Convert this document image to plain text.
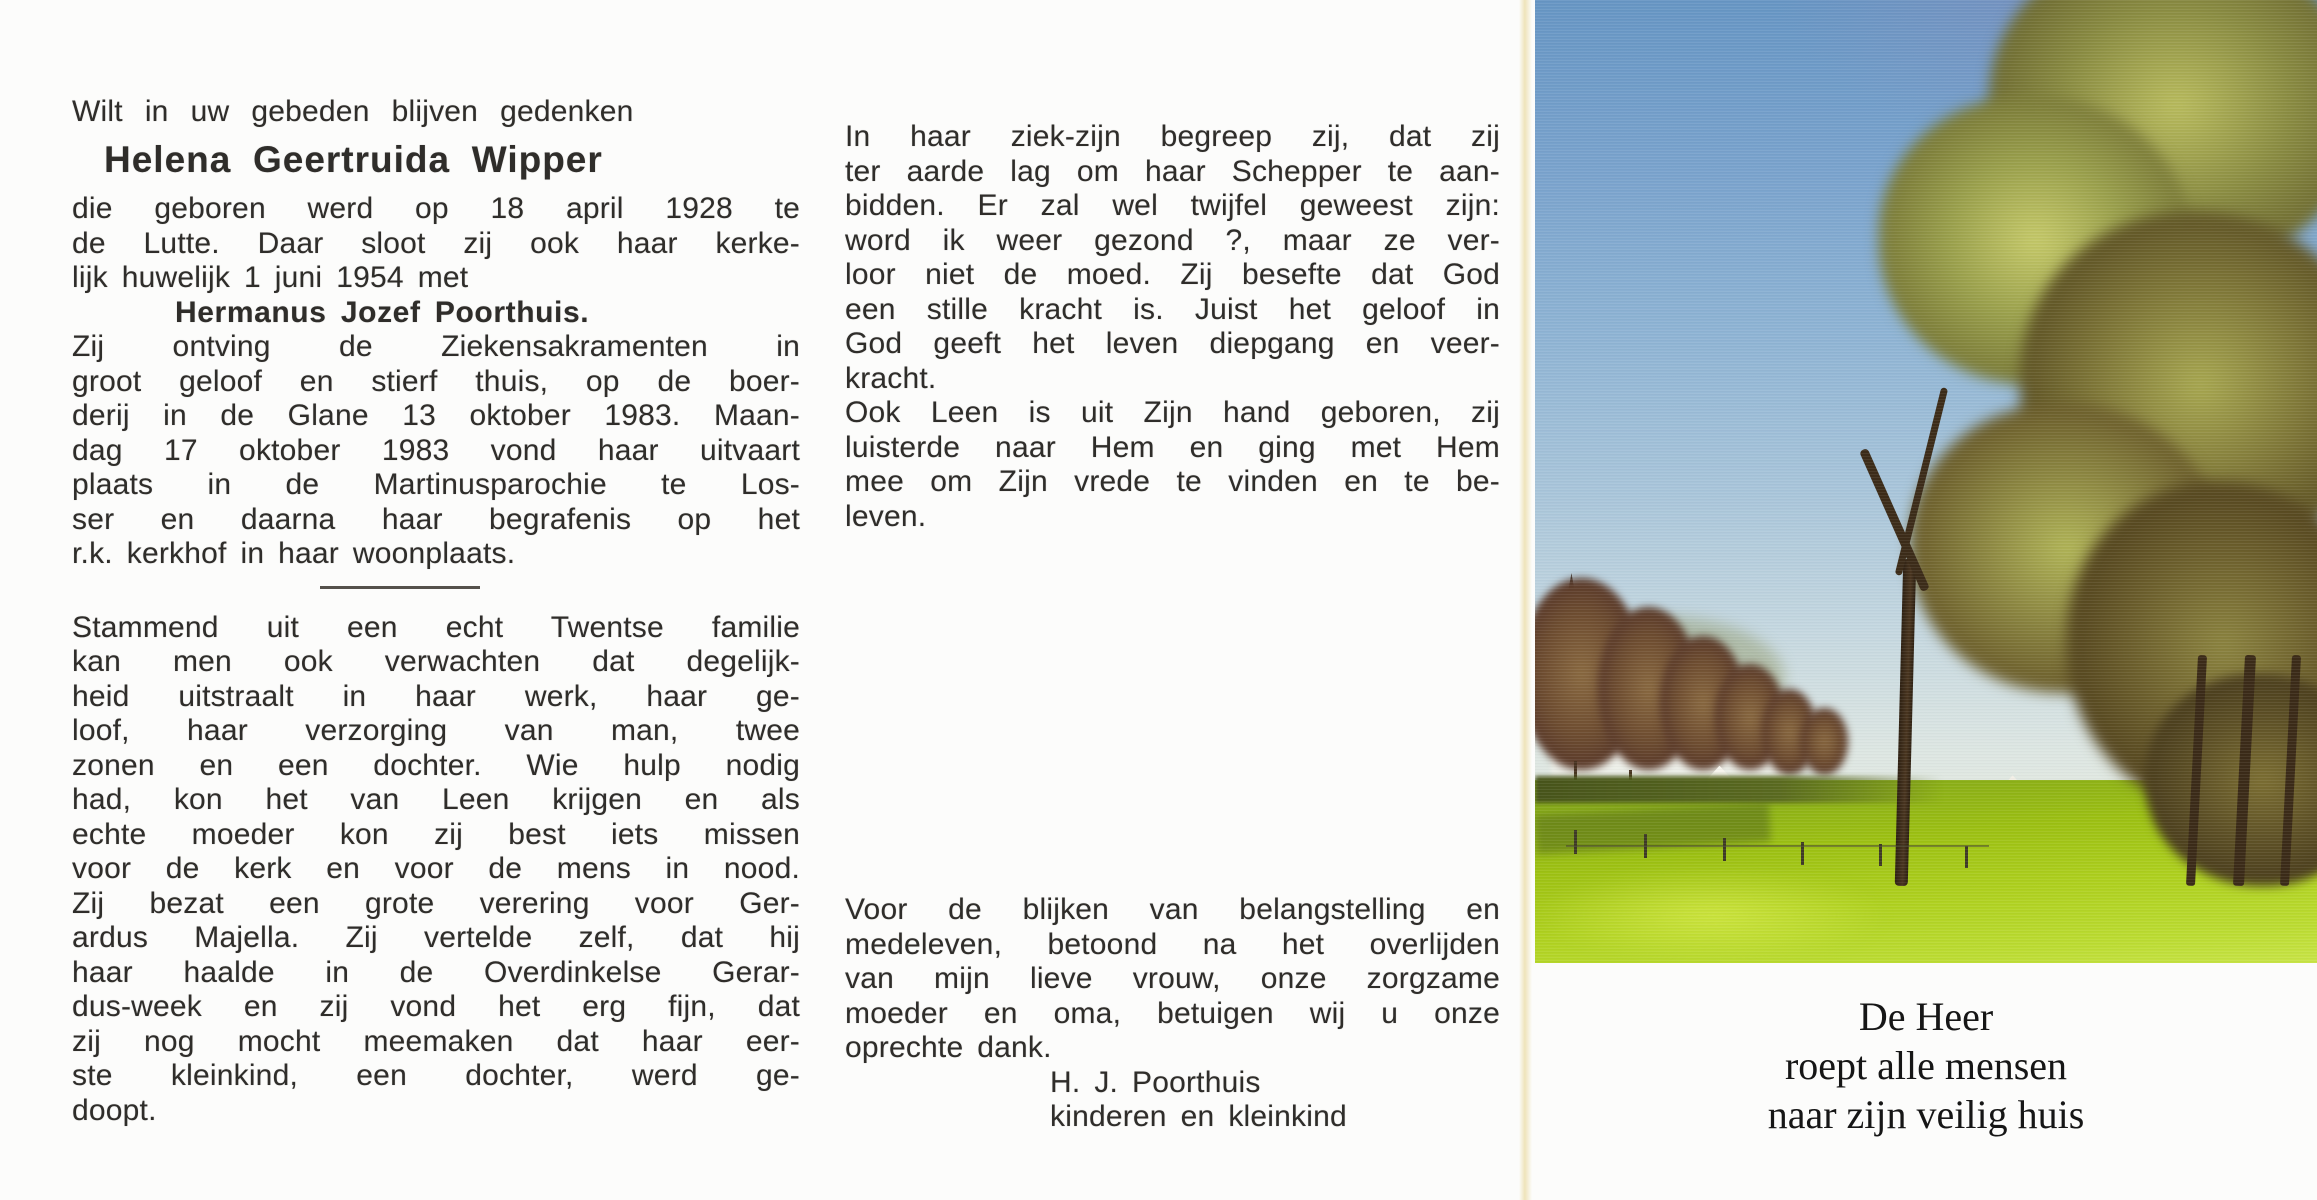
Wilt in uw gebeden blijven gedenken
Helena Geertruida Wipper
die geboren werd op 18 april 1928 te
de Lutte. Daar sloot zij ook haar kerke-
lijk huwelijk 1 juni 1954 met
Hermanus Jozef Poorthuis.
Zij ontving de Ziekensakramenten in
groot geloof en stierf thuis, op de boer-
derij in de Glane 13 oktober 1983. Maan-
dag 17 oktober 1983 vond haar uitvaart
plaats in de Martinusparochie te Los-
ser en daarna haar begrafenis op het
r.k. kerkhof in haar woonplaats.
Stammend uit een echt Twentse familie
kan men ook verwachten dat degelijk-
heid uitstraalt in haar werk, haar ge-
loof, haar verzorging van man, twee
zonen en een dochter. Wie hulp nodig
had, kon het van Leen krijgen en als
echte moeder kon zij best iets missen
voor de kerk en voor de mens in nood.
Zij bezat een grote verering voor Ger-
ardus Majella. Zij vertelde zelf, dat hij
haar haalde in de Overdinkelse Gerar-
dus-week en zij vond het erg fijn, dat
zij nog mocht meemaken dat haar eer-
ste kleinkind, een dochter, werd ge-
doopt.
In haar ziek-zijn begreep zij, dat zij
ter aarde lag om haar Schepper te aan-
bidden. Er zal wel twijfel geweest zijn:
word ik weer gezond ?, maar ze ver-
loor niet de moed. Zij besefte dat God
een stille kracht is. Juist het geloof in
God geeft het leven diepgang en veer-
kracht.
Ook Leen is uit Zijn hand geboren, zij
luisterde naar Hem en ging met Hem
mee om Zijn vrede te vinden en te be-
leven.
Voor de blijken van belangstelling en
medeleven, betoond na het overlijden
van mijn lieve vrouw, onze zorgzame
moeder en oma, betuigen wij u onze
oprechte dank.
H. J. Poorthuis
kinderen en kleinkind
De Heer
roept alle mensen
naar zijn veilig huis
